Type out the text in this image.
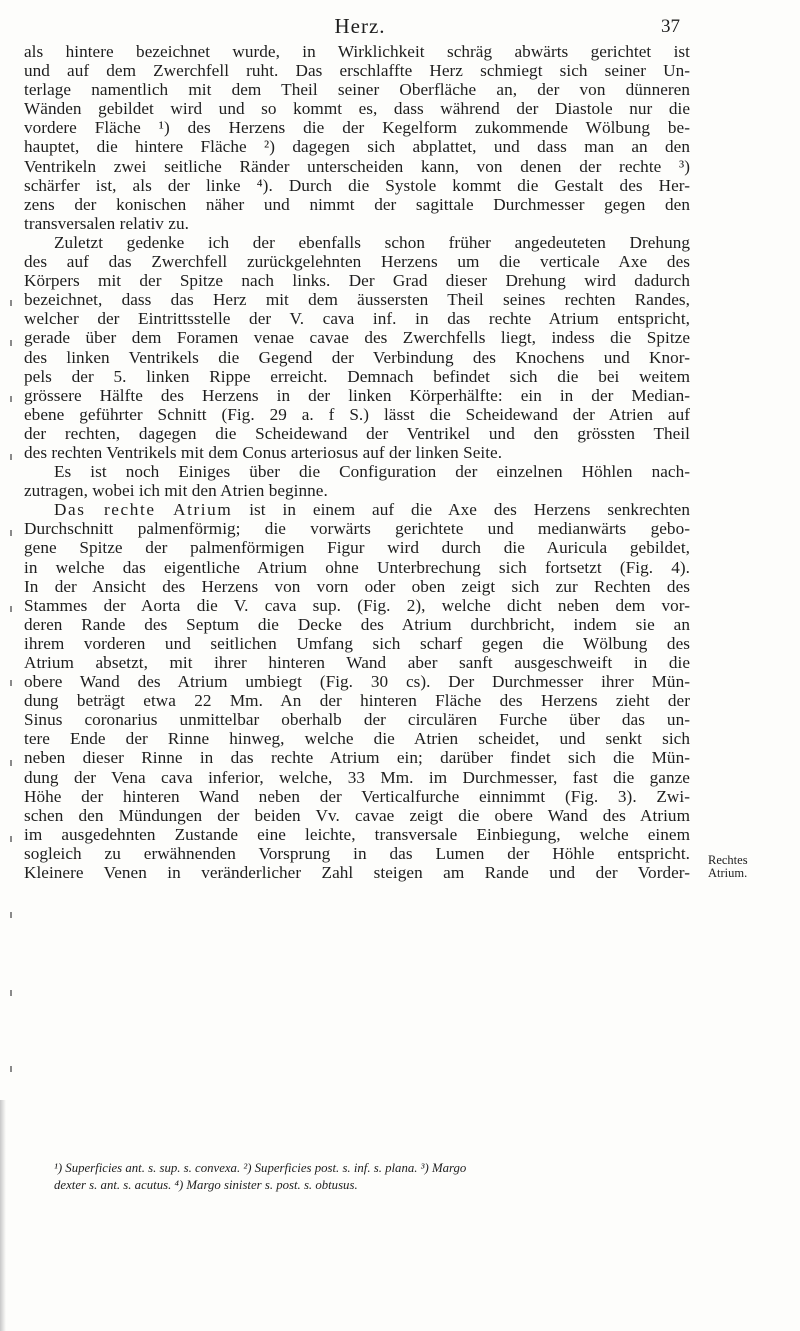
Herz.	37
als hintere bezeichnet wurde, in Wirklichkeit schräg abwärts gerichtet ist
und auf dem Zwerchfell ruht. Das erschlaffte Herz schmiegt sich seiner Un-
terlage namentlich mit dem Theil seiner Oberfläche an, der von dünneren
Wänden gebildet wird und so kommt es, dass während der Diastole nur die
vordere Fläche ¹) des Herzens die der Kegelform zukommende Wölbung be-
hauptet, die hintere Fläche ²) dagegen sich abplattet, und dass man an den
Ventrikeln zwei seitliche Ränder unterscheiden kann, von denen der rechte ³)
schärfer ist, als der linke ⁴). Durch die Systole kommt die Gestalt des Her-
zens der konischen näher und nimmt der sagittale Durchmesser gegen den
transversalen relativ zu.
Zuletzt gedenke ich der ebenfalls schon früher angedeuteten Drehung
des auf das Zwerchfell zurückgelehnten Herzens um die verticale Axe des
Körpers mit der Spitze nach links. Der Grad dieser Drehung wird dadurch
bezeichnet, dass das Herz mit dem äussersten Theil seines rechten Randes,
welcher der Eintrittsstelle der V. cava inf. in das rechte Atrium entspricht,
gerade über dem Foramen venae cavae des Zwerchfells liegt, indess die Spitze
des linken Ventrikels die Gegend der Verbindung des Knochens und Knor-
pels der 5. linken Rippe erreicht. Demnach befindet sich die bei weitem
grössere Hälfte des Herzens in der linken Körperhälfte: ein in der Median-
ebene geführter Schnitt (Fig. 29 a. f S.) lässt die Scheidewand der Atrien auf
der rechten, dagegen die Scheidewand der Ventrikel und den grössten Theil
des rechten Ventrikels mit dem Conus arteriosus auf der linken Seite.
Es ist noch Einiges über die Configuration der einzelnen Höhlen nach-
zutragen, wobei ich mit den Atrien beginne.
Das rechte Atrium ist in einem auf die Axe des Herzens senkrechten
Durchschnitt palmenförmig; die vorwärts gerichtete und medianwärts gebo-
gene Spitze der palmenförmigen Figur wird durch die Auricula gebildet,
in welche das eigentliche Atrium ohne Unterbrechung sich fortsetzt (Fig. 4).
In der Ansicht des Herzens von vorn oder oben zeigt sich zur Rechten des
Stammes der Aorta die V. cava sup. (Fig. 2), welche dicht neben dem vor-
deren Rande des Septum die Decke des Atrium durchbricht, indem sie an
ihrem vorderen und seitlichen Umfang sich scharf gegen die Wölbung des
Atrium absetzt, mit ihrer hinteren Wand aber sanft ausgeschweift in die
obere Wand des Atrium umbiegt (Fig. 30 cs). Der Durchmesser ihrer Mün-
dung beträgt etwa 22 Mm. An der hinteren Fläche des Herzens zieht der
Sinus coronarius unmittelbar oberhalb der circulären Furche über das un-
tere Ende der Rinne hinweg, welche die Atrien scheidet, und senkt sich
neben dieser Rinne in das rechte Atrium ein; darüber findet sich die Mün-
dung der Vena cava inferior, welche, 33 Mm. im Durchmesser, fast die ganze
Höhe der hinteren Wand neben der Verticalfurche einnimmt (Fig. 3). Zwi-
schen den Mündungen der beiden Vv. cavae zeigt die obere Wand des Atrium
im ausgedehnten Zustande eine leichte, transversale Einbiegung, welche einem
sogleich zu erwähnenden Vorsprung in das Lumen der Höhle entspricht.
Kleinere Venen in veränderlicher Zahl steigen am Rande und der Vorder-
Rechtes
Atrium.
¹) Superficies ant. s. sup. s. convexa. ²) Superficies post. s. inf. s. plana. ³) Margo
dexter s. ant. s. acutus. ⁴) Margo sinister s. post. s. obtusus.
